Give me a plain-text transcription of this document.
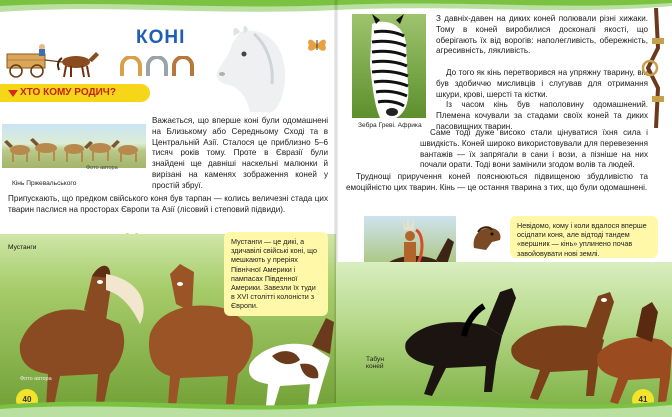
КОНІ
ХТО КОМУ РОДИЧ?
Фото автора
Кінь Пржевальського
Важається, що вперше коні були одомашнені на Близькому або Середньому Сході та в Центральній Азії. Сталося це приблизно 5–6 тисяч років тому. Проте в Євразії були знайдені ще давніші наскельні малюнки й вирізані на каменях зображення коней у простій збруї.
Припускають, що предком свійського коня був тарпан — колись величезні стада цих тварин паслися на просторах Європи та Азії (лісовий і степовий підвиди).
Мустанги
Мустанги — це дикі, а здичавілі свійські коні, що мешкають у преріях Північної Америки і пампасах Південної Америки. Завезли їх туди в XVI столітті колоністи з Європи.
Фото автора
40
Зебра Греві. Африка
З давніх-давен на диких коней полювали різні хижаки. Тому в коней виробилися досконалі якості, що оберігають їх від ворогів: наполегливість, обережність, агресивність, лякливість.
До того як кінь перетворився на упряжну тварину, він був здобиччю мисливців і слугував для отримання шкури, крові, шерсті та кістки.
Із часом кінь був наполовину одомашнений. Племена кочували за стадами своїх коней та диких пасовищних тварин.
Саме тоді дуже високо стали цінуватися їхня сила і швидкість. Коней широко використовували для перевезення вантажів — їх запрягали в сани і вози, а пізніше на них почали орати. Тоді вони замінили згодом волів та людей.
Труднощі приручення коней пояснюються підвищеною збудливістю та емоційністю цих тварин. Кінь — це остання тварина з тих, що були одомашнені.
Невідомо, кому і коли вдалося вперше осідлати коня, але відтоді тандем «вершник — кінь» уплинено почав завойовувати нові землі.
Табун коней
41
